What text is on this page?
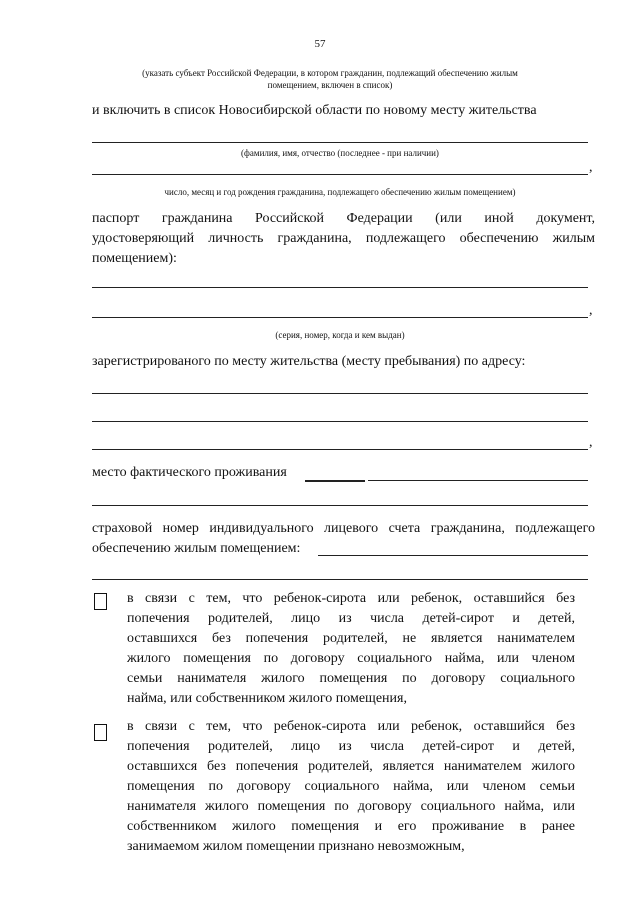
57
(указать субъект Российской Федерации, в котором гражданин, подлежащий обеспечению жилым
помещением, включен в список)
и включить в список Новосибирской области по новому месту жительства
(фамилия, имя, отчество (последнее - при наличии)
,
число, месяц и год рождения гражданина, подлежащего обеспечению жилым помещением)
паспорт гражданина Российской Федерации (или иной документ,
удостоверяющий личность гражданина, подлежащего обеспечению жилым
помещением):
,
(серия, номер, когда и кем выдан)
зарегистрированого по месту жительства (месту пребывания) по адресу:
,
место фактического проживания
страховой номер индивидуального лицевого счета гражданина, подлежащего
обеспечению жилым помещением:
в связи с тем, что ребенок-сирота или ребенок, оставшийся без
попечения родителей, лицо из числа детей-сирот и детей,
оставшихся без попечения родителей, не является нанимателем
жилого помещения по договору социального найма, или членом
семьи нанимателя жилого помещения по договору социального
найма, или собственником жилого помещения,
в связи с тем, что ребенок-сирота или ребенок, оставшийся без
попечения родителей, лицо из числа детей-сирот и детей,
оставшихся без попечения родителей, является нанимателем жилого
помещения по договору социального найма, или членом семьи
нанимателя жилого помещения по договору социального найма, или
собственником жилого помещения и его проживание в ранее
занимаемом жилом помещении признано невозможным,
